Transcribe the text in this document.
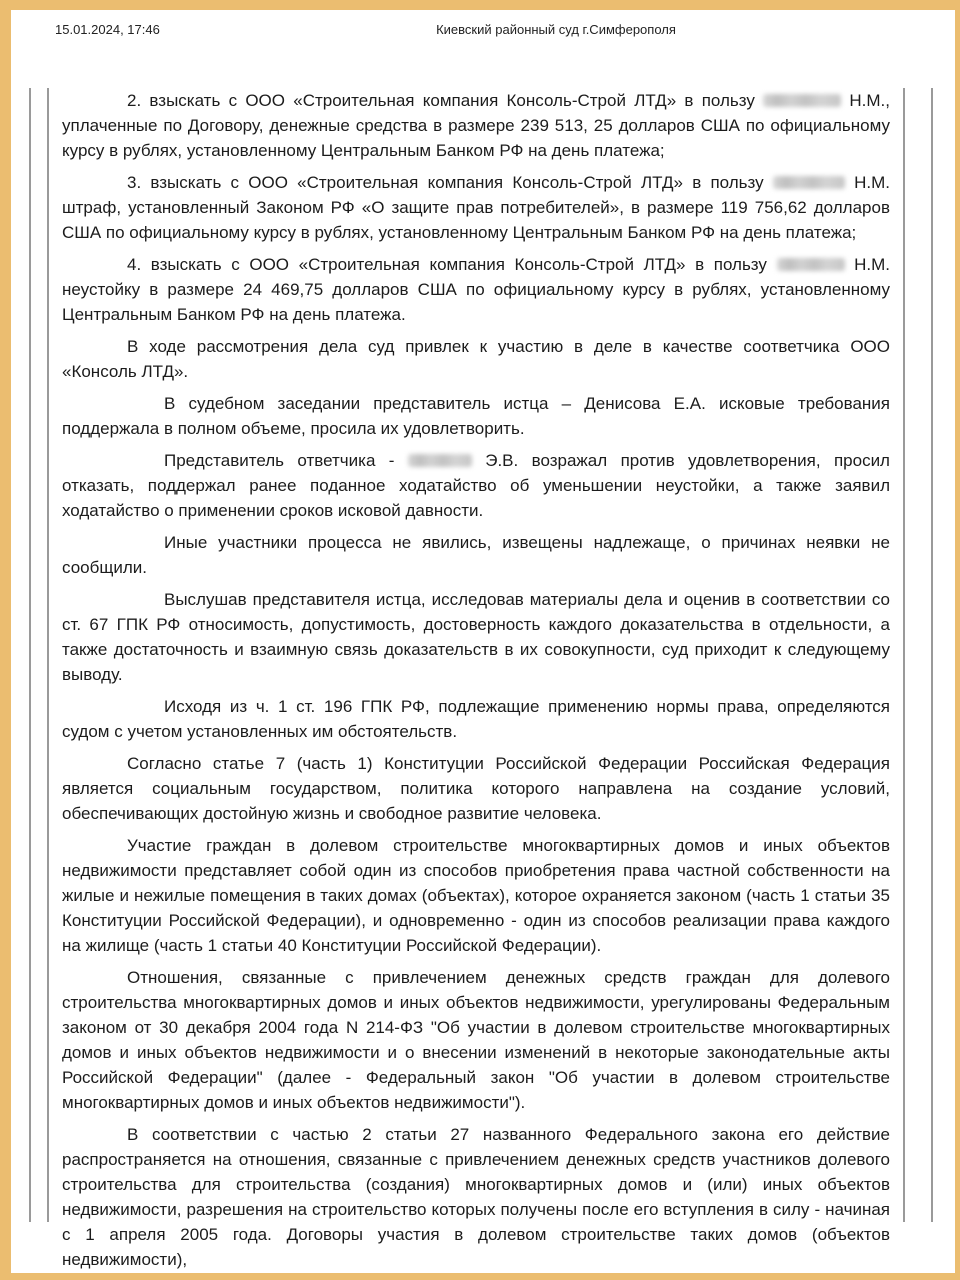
15.01.2024, 17:46	Киевский районный суд г.Симферополя

2. взыскать с ООО «Строительная компания Консоль-Строй ЛТД» в пользу	Н.М., уплаченные по Договору, денежные средства в размере 239 513, 25 долларов США по официальному курсу в рублях, установленному Центральным Банком РФ на день платежа;

3. взыскать с ООО «Строительная компания Консоль-Строй ЛТД» в пользу	Н.М. штраф, установленный Законом РФ «О защите прав потребителей», в размере 119 756,62 долларов США по официальному курсу в рублях, установленному Центральным Банком РФ на день платежа;

4. взыскать с ООО «Строительная компания Консоль-Строй ЛТД» в пользу	Н.М. неустойку в размере 24 469,75 долларов США по официальному курсу в рублях, установленному Центральным Банком РФ на день платежа.

В ходе рассмотрения дела суд привлек к участию в деле в качестве соответчика ООО «Консоль ЛТД».

В судебном заседании представитель истца – Денисова Е.А. исковые требования поддержала в полном объеме, просила их удовлетворить.

Представитель ответчика -	Э.В. возражал против удовлетворения, просил отказать, поддержал ранее поданное ходатайство об уменьшении неустойки, а также заявил ходатайство о применении сроков исковой давности.

Иные участники процесса не явились, извещены надлежаще, о причинах неявки не сообщили.

Выслушав представителя истца, исследовав материалы дела и оценив в соответствии со ст. 67 ГПК РФ относимость, допустимость, достоверность каждого доказательства в отдельности, а также достаточность и взаимную связь доказательств в их совокупности, суд приходит к следующему выводу.

Исходя из ч. 1 ст. 196 ГПК РФ, подлежащие применению нормы права, определяются судом с учетом установленных им обстоятельств.

Согласно статье 7 (часть 1) Конституции Российской Федерации Российская Федерация является социальным государством, политика которого направлена на создание условий, обеспечивающих достойную жизнь и свободное развитие человека.

Участие граждан в долевом строительстве многоквартирных домов и иных объектов недвижимости представляет собой один из способов приобретения права частной собственности на жилые и нежилые помещения в таких домах (объектах), которое охраняется законом (часть 1 статьи 35 Конституции Российской Федерации), и одновременно - один из способов реализации права каждого на жилище (часть 1 статьи 40 Конституции Российской Федерации).

Отношения, связанные с привлечением денежных средств граждан для долевого строительства многоквартирных домов и иных объектов недвижимости, урегулированы Федеральным законом от 30 декабря 2004 года N 214-ФЗ "Об участии в долевом строительстве многоквартирных домов и иных объектов недвижимости и о внесении изменений в некоторые законодательные акты Российской Федерации" (далее - Федеральный закон "Об участии в долевом строительстве многоквартирных домов и иных объектов недвижимости").

В соответствии с частью 2 статьи 27 названного Федерального закона его действие распространяется на отношения, связанные с привлечением денежных средств участников долевого строительства для строительства (создания) многоквартирных домов и (или) иных объектов недвижимости, разрешения на строительство которых получены после его вступления в силу - начиная с 1 апреля 2005 года. Договоры участия в долевом строительстве таких домов (объектов недвижимости),
